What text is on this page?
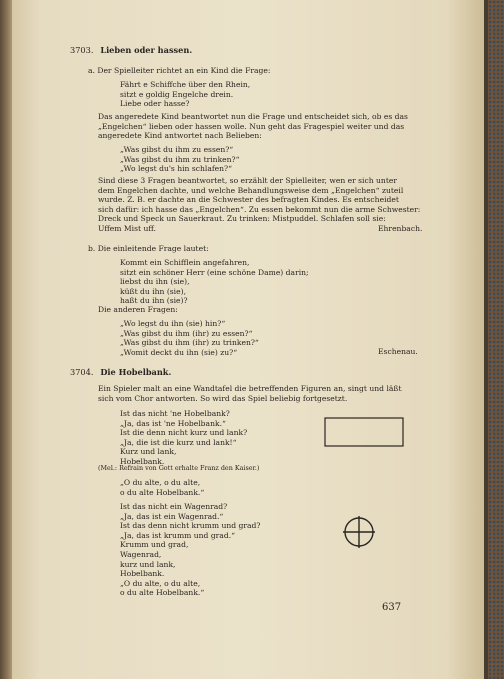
3703. Lieben oder hassen.
a. Der Spielleiter richtet an ein Kind die Frage:
Fährt e Schiffche über den Rhein,
sitzt e goldig Engelche drein.
Liebe oder hasse?
Das angeredete Kind beantwortet nun die Frage und entscheidet sich, ob es das
„Engelchen“ lieben oder hassen wolle. Nun geht das Fragespiel weiter und das
angeredete Kind antwortet nach Belieben:
„Was gibst du ihm zu essen?“
„Was gibst du ihm zu trinken?“
„Wo legst du's hin schlafen?“
Sind diese 3 Fragen beantwortet, so erzählt der Spielleiter, wen er sich unter
dem Engelchen dachte, und welche Behandlungsweise dem „Engelchen“ zuteil
wurde. Z. B. er dachte an die Schwester des befragten Kindes. Es entscheidet
sich dafür: ich hasse das „Engelchen“. Zu essen bekommt nun die arme Schwester:
Dreck und Speck un Sauerkraut. Zu trinken: Mistpuddel. Schlafen soll sie:
Uffem Mist uff.	Ehrenbach.
b. Die einleitende Frage lautet:
Kommt ein Schifflein angefahren,
sitzt ein schöner Herr (eine schöne Dame) darin;
liebst du ihn (sie),
küßt du ihn (sie),
haßt du ihn (sie)?
Die anderen Fragen:
„Wo legst du ihn (sie) hin?“
„Was gibst du ihm (ihr) zu essen?“
„Was gibst du ihm (ihr) zu trinken?“
„Womit deckt du ihn (sie) zu?“	Eschenau.
3704. Die Hobelbank.
Ein Spieler malt an eine Wandtafel die betreffenden Figuren an, singt und läßt
sich vom Chor antworten. So wird das Spiel beliebig fortgesetzt.
Ist das nicht 'ne Hobelbank?
„Ja, das ist 'ne Hobelbank.“
Ist die denn nicht kurz und lank?
„Ja, die ist die kurz und lank!“
Kurz und lank,
Hobelbank.
(Mel.: Refrain von Gott erhalte Franz den Kaiser.)
„O du alte, o du alte,
o du alte Hobelbank.“
Ist das nicht ein Wagenrad?
„Ja, das ist ein Wagenrad.“
Ist das denn nicht krumm und grad?
„Ja, das ist krumm und grad.“
Krumm und grad,
Wagenrad,
kurz und lank,
Hobelbank.
„O du alte, o du alte,
o du alte Hobelbank.“
637
